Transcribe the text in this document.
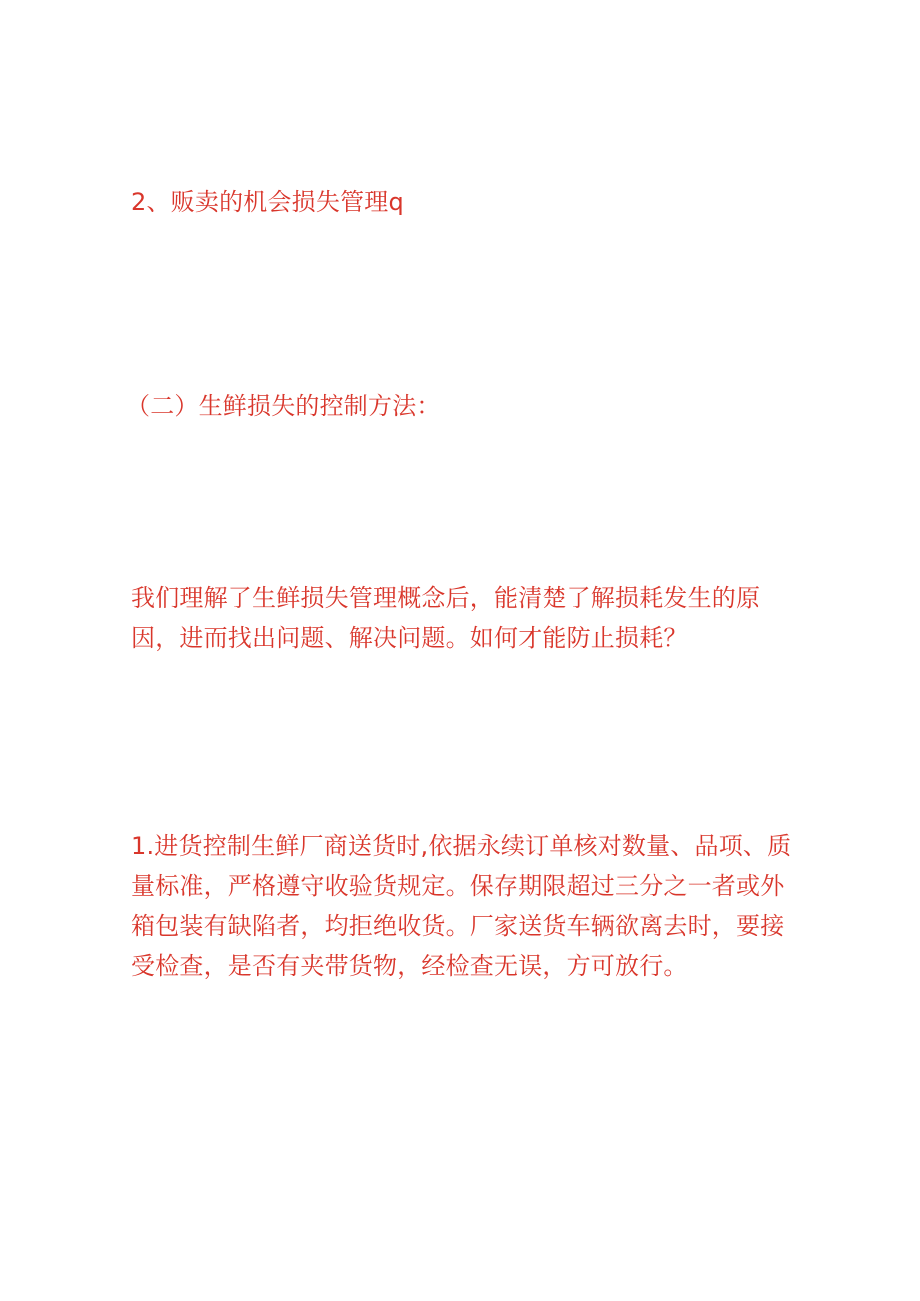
2、贩卖的机会损失管理q
（二）生鲜损失的控制方法：
我们理解了生鲜损失管理概念后，能清楚了解损耗发生的原因，进而找出问题、解决问题。如何才能防止损耗？
1.进货控制生鲜厂商送货时,依据永续订单核对数量、品项、质量标准，严格遵守收验货规定。保存期限超过三分之一者或外箱包装有缺陷者，均拒绝收货。厂家送货车辆欲离去时，要接受检查，是否有夹带货物，经检查无误，方可放行。
